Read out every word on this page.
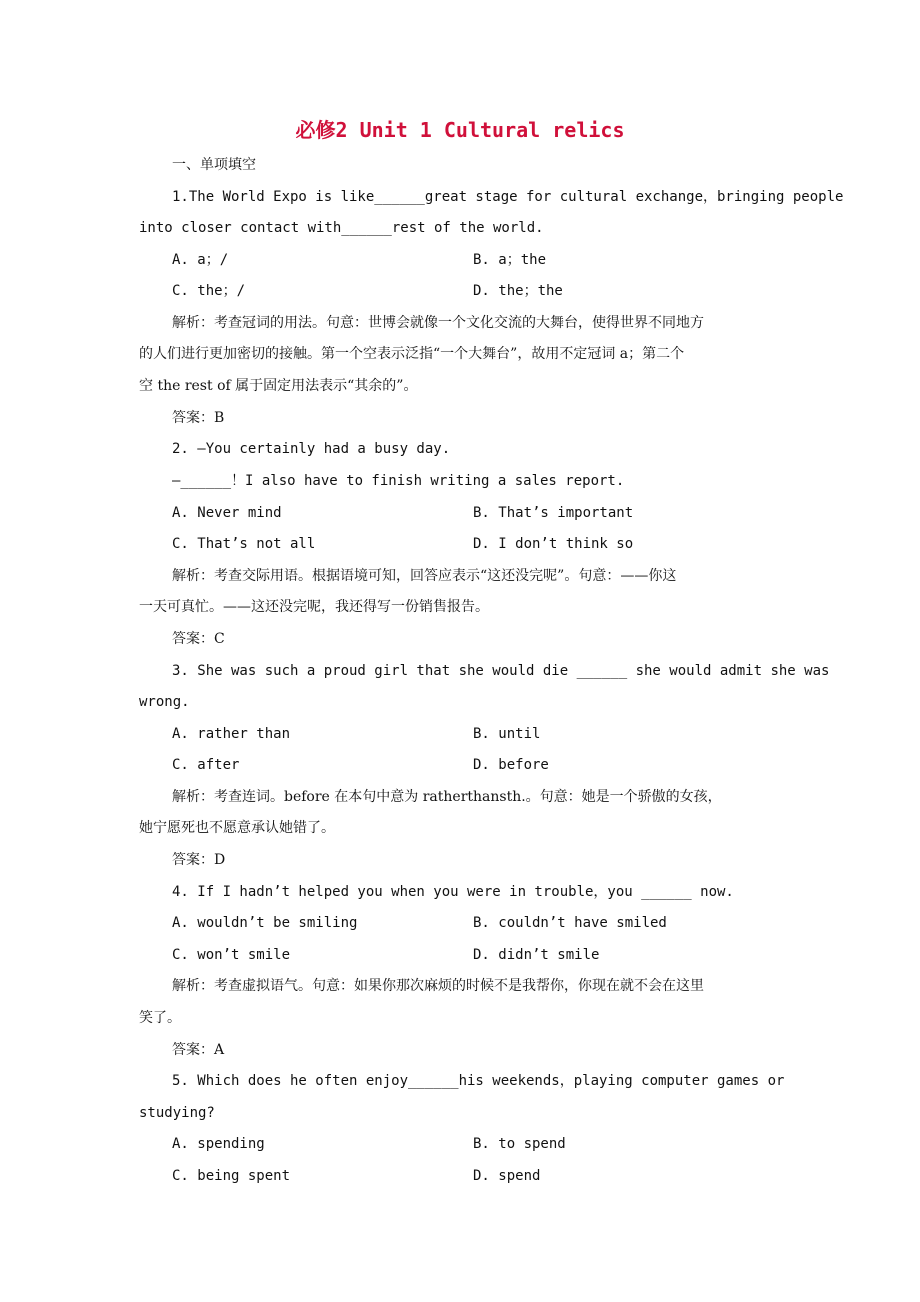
必修2 Unit 1 Cultural relics
一、单项填空
1.The World Expo is like______great stage for cultural exchange，bringing people
into closer contact with______rest of the world.
A. a；/	B. a；the
C. the；/	D. the；the
解析：考查冠词的用法。句意：世博会就像一个文化交流的大舞台，使得世界不同地方
的人们进行更加密切的接触。第一个空表示泛指“一个大舞台”，故用不定冠词 a；第二个
空 the rest of 属于固定用法表示“其余的”。
答案：B
2. —You certainly had a busy day.
—______！I also have to finish writing a sales report.
A. Never mind	B. That’s important
C. That’s not all	D. I don’t think so
解析：考查交际用语。根据语境可知，回答应表示“这还没完呢”。句意：——你这
一天可真忙。——这还没完呢，我还得写一份销售报告。
答案：C
3. She was such a proud girl that she would die ______ she would admit she was
wrong.
A. rather than	B. until
C. after	D. before
解析：考查连词。before 在本句中意为 ratherthansth.。句意：她是一个骄傲的女孩，
她宁愿死也不愿意承认她错了。
答案：D
4. If I hadn’t helped you when you were in trouble，you ______ now.
A. wouldn’t be smiling	B. couldn’t have smiled
C. won’t smile	D. didn’t smile
解析：考查虚拟语气。句意：如果你那次麻烦的时候不是我帮你，你现在就不会在这里
笑了。
答案：A
5. Which does he often enjoy______his weekends，playing computer games or
studying?
A. spending	B. to spend
C. being spent	D. spend
